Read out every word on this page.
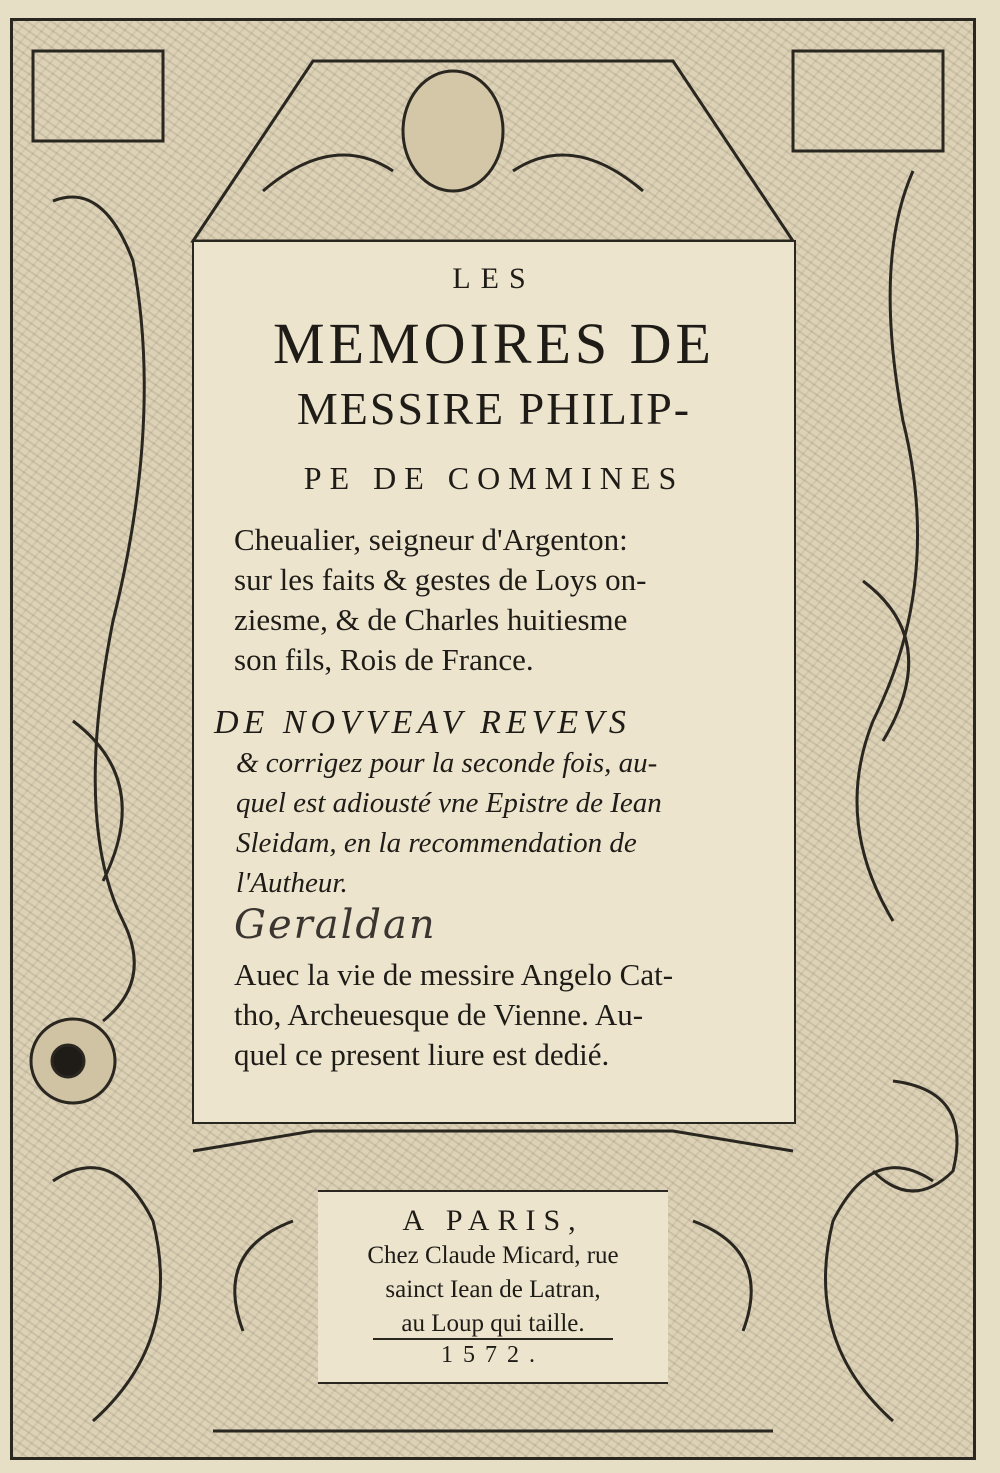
LES
MEMOIRES DE
MESSIRE PHILIP-
PE DE COMMINES
Cheualier, seigneur d'Argenton:
sur les faits & gestes de Loys on-
ziesme, & de Charles huitiesme
son fils, Rois de France.
DE NOVVEAV REVEVS
& corrigez pour la seconde fois, au-
quel est adiousté vne Epistre de Iean
Sleidam, en la recommendation de
l'Autheur.
Geraldan
Auec la vie de messire Angelo Cat-
tho, Archeuesque de Vienne. Au-
quel ce present liure est dedié.
A PARIS,
Chez Claude Micard, rue
sainct Iean de Latran,
au Loup qui taille.
1572.
